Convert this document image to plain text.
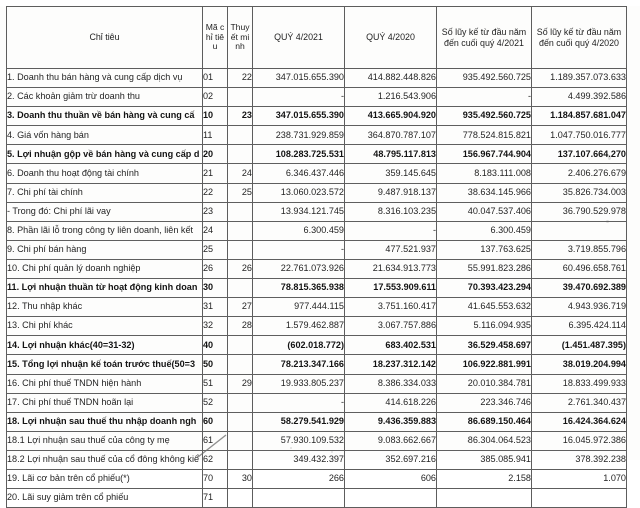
Chỉ tiêu	Mã chỉ tiêu	Thuyết minh	QUÝ 4/2021	QUÝ 4/2020	Số lũy kế từ đầu năm đến cuối quý 4/2021	Số lũy kế từ đầu năm đến cuối quý 4/2020
1. Doanh thu bán hàng và cung cấp dịch vụ	01	22	347.015.655.390	414.882.448.826	935.492.560.725	1.189.357.073.633
2. Các khoản giảm trừ doanh thu	02		-	1.216.543.906	-	4.499.392.586
3. Doanh thu thuần về bán hàng và cung cấ	10	23	347.015.655.390	413.665.904.920	935.492.560.725	1.184.857.681.047
4. Giá vốn hàng bán	11		238.731.929.859	364.870.787.107	778.524.815.821	1.047.750.016.777
5. Lợi nhuận gộp về bán hàng và cung cấp d	20		108.283.725.531	48.795.117.813	156.967.744.904	137.107.664.270
6. Doanh thu hoạt động tài chính	21	24	6.346.437.446	359.145.645	8.183.111.008	2.406.276.679
7. Chi phí tài chính	22	25	13.060.023.572	9.487.918.137	38.634.145.966	35.826.734.003
- Trong đó: Chi phí lãi vay	23		13.934.121.745	8.316.103.235	40.047.537.406	36.790.529.978
8. Phần lãi lỗ trong công ty liên doanh, liên kết	24		6.300.459	-	6.300.459	
9. Chi phí bán hàng	25		-	477.521.937	137.763.625	3.719.855.796
10. Chi phí quản lý doanh nghiệp	26	26	22.761.073.926	21.634.913.773	55.991.823.286	60.496.658.761
11. Lợi nhuận thuần từ hoạt động kinh doan	30		78.815.365.938	17.553.909.611	70.393.423.294	39.470.692.389
12. Thu nhập khác	31	27	977.444.115	3.751.160.417	41.645.553.632	4.943.936.719
13. Chi phí khác	32	28	1.579.462.887	3.067.757.886	5.116.094.935	6.395.424.114
14. Lợi nhuận khác(40=31-32)	40		(602.018.772)	683.402.531	36.529.458.697	(1.451.487.395)
15. Tổng lợi nhuận kế toán trước thuế(50=3	50		78.213.347.166	18.237.312.142	106.922.881.991	38.019.204.994
16. Chi phí thuế TNDN hiện hành	51	29	19.933.805.237	8.386.334.033	20.010.384.781	18.833.499.933
17. Chi phí thuế TNDN hoãn lại	52		-	414.618.226	223.346.746	2.761.340.437
18. Lợi nhuận sau thuế thu nhập doanh ngh	60		58.279.541.929	9.436.359.883	86.689.150.464	16.424.364.624
18.1 Lợi nhuận sau thuế của công ty mẹ	61		57.930.109.532	9.083.662.667	86.304.064.523	16.045.972.386
18.2 Lợi nhuận sau thuế của cổ đông không kiể	62		349.432.397	352.697.216	385.085.941	378.392.238
19. Lãi cơ bản trên cổ phiếu(*)	70	30	266	606	2.158	1.070
20. Lãi suy giảm trên cổ phiếu	71					
